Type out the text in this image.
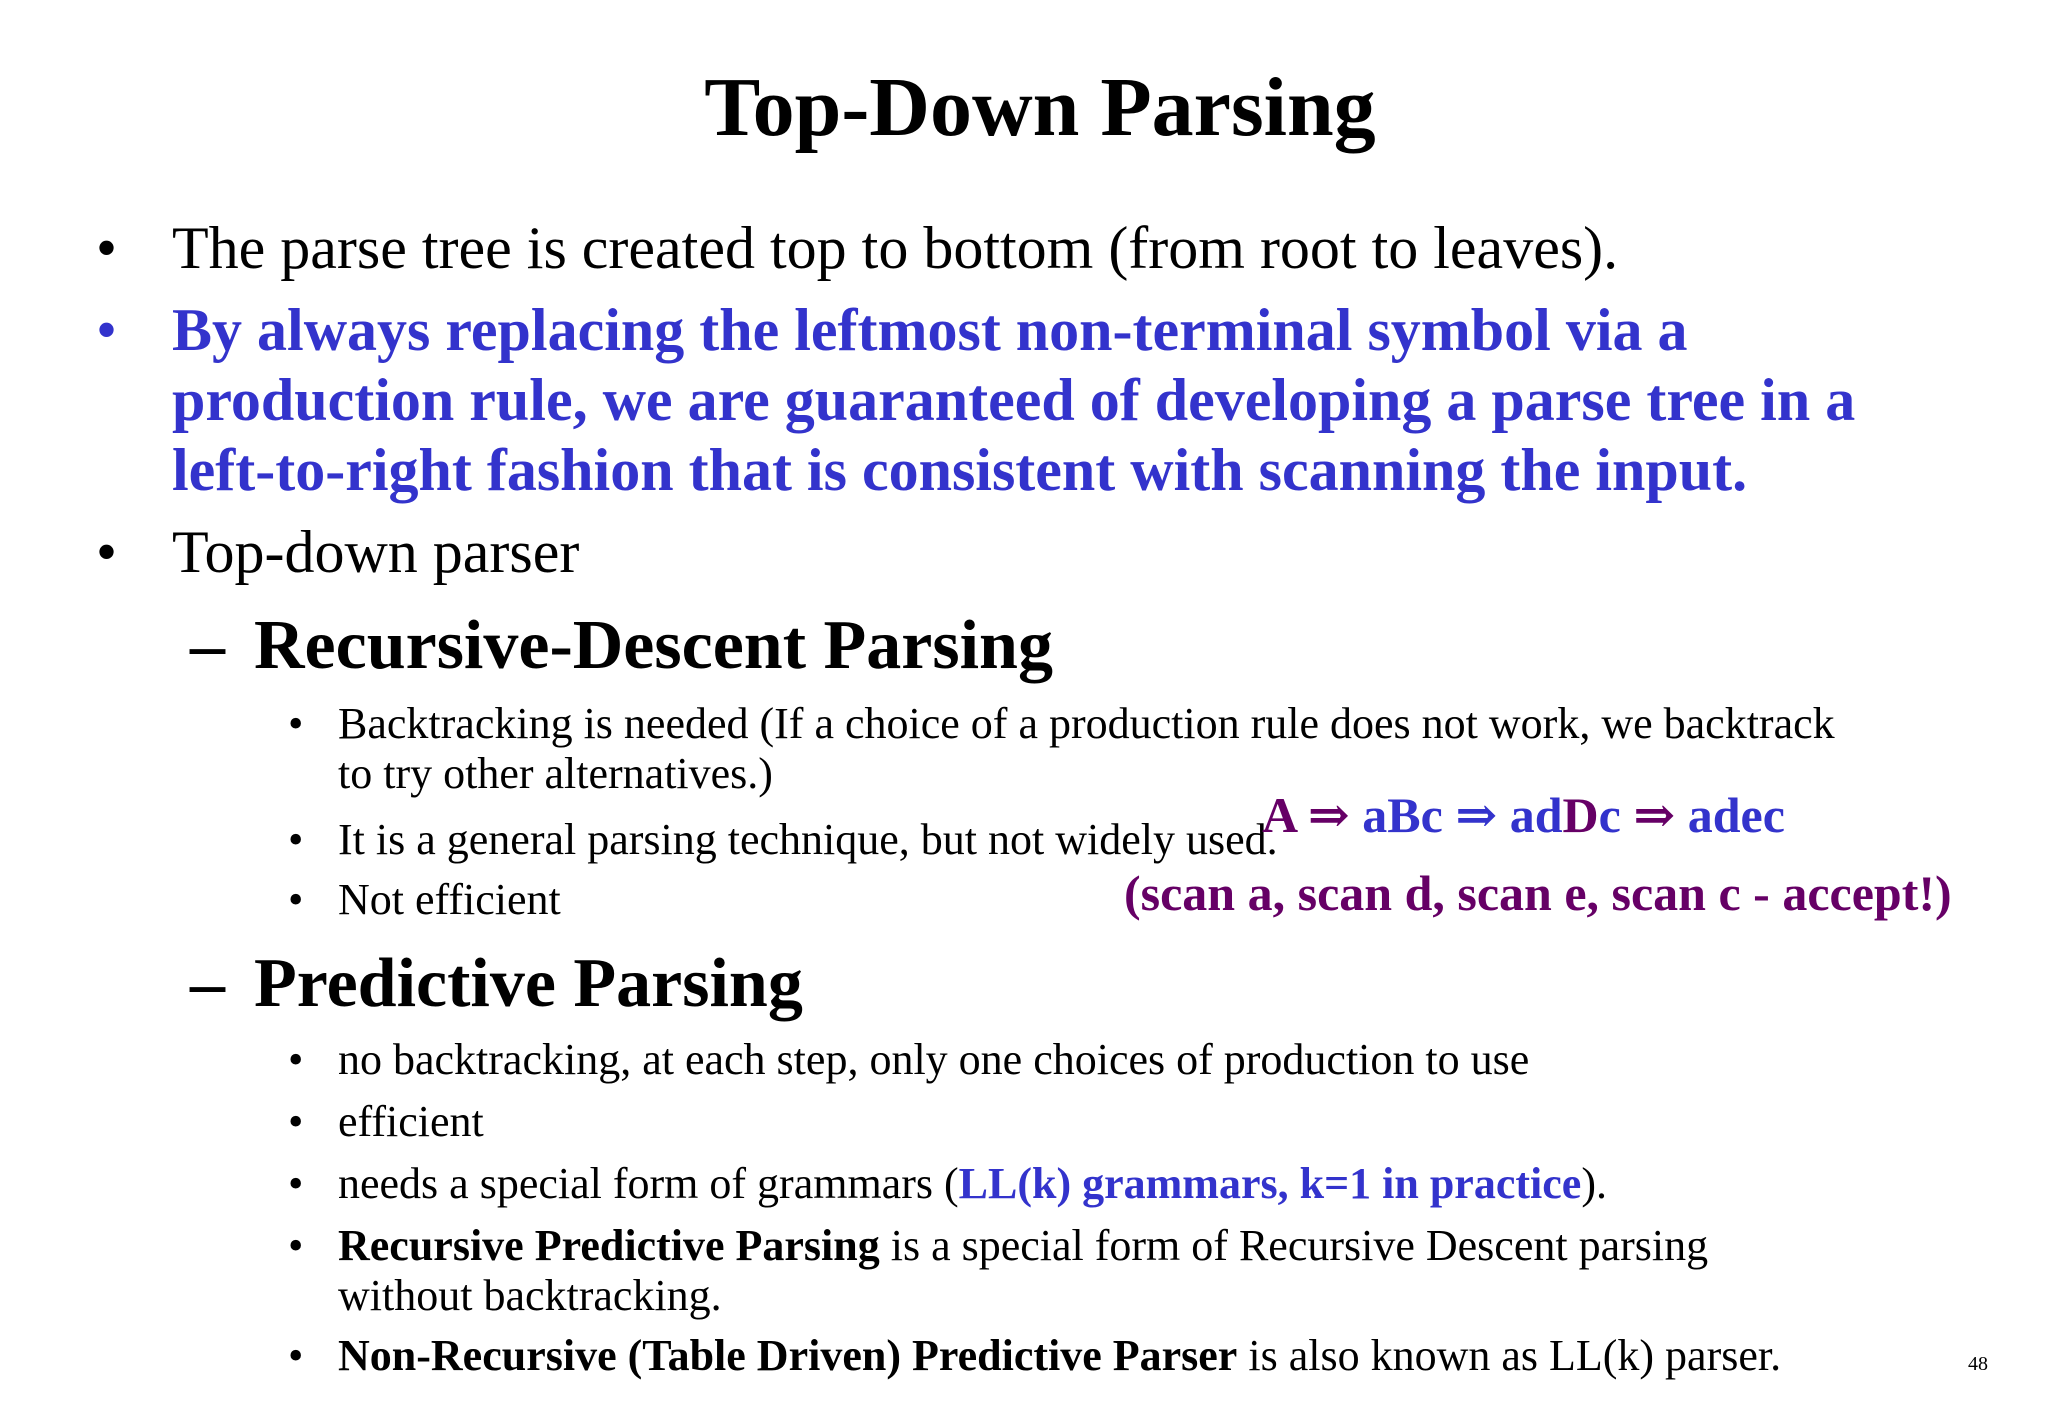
Top-Down Parsing
• The parse tree is created top to bottom (from root to leaves).
• By always replacing the leftmost non-terminal symbol via a
production rule, we are guaranteed of developing a parse tree in a
left-to-right fashion that is consistent with scanning the input.
• Top-down parser
– Recursive-Descent Parsing
• Backtracking is needed (If a choice of a production rule does not work, we backtrack
to try other alternatives.)
• It is a general parsing technique, but not widely used.
• Not efficient
A ⇒ aBc ⇒ adDc ⇒ adec
(scan a, scan d, scan e, scan c - accept!)
– Predictive Parsing
• no backtracking, at each step, only one choices of production to use
• efficient
• needs a special form of grammars (LL(k) grammars, k=1 in practice).
• Recursive Predictive Parsing is a special form of Recursive Descent parsing
without backtracking.
• Non-Recursive (Table Driven) Predictive Parser is also known as LL(k) parser.	48
